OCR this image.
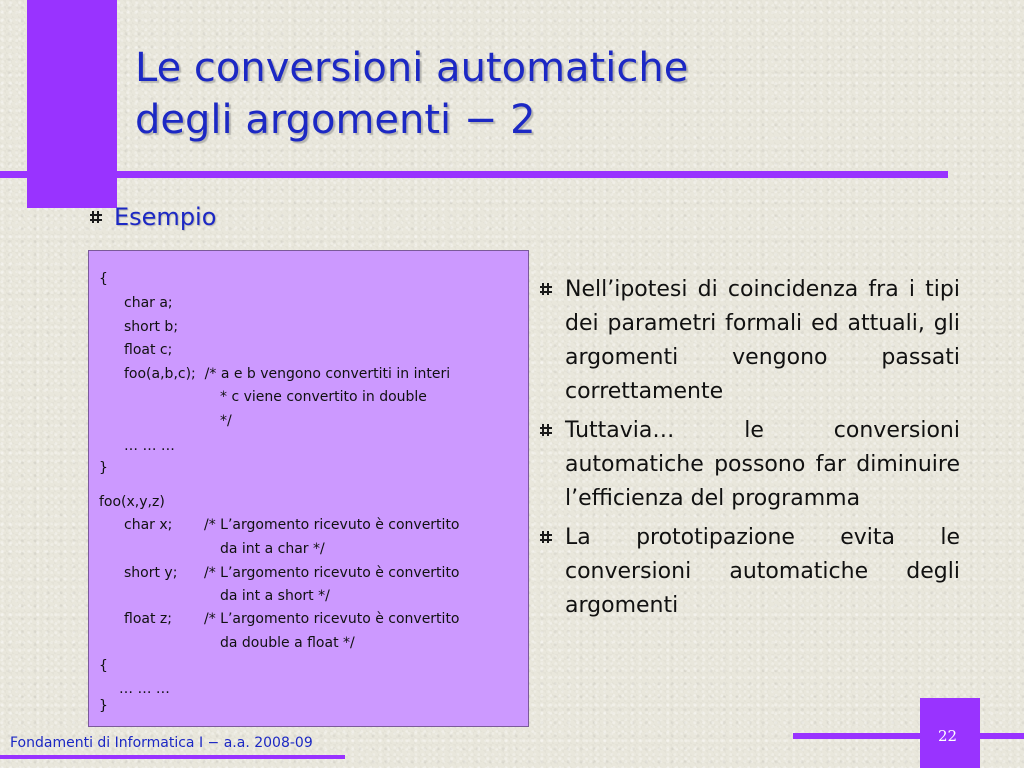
Le conversioni automatiche
degli argomenti − 2
Esempio
{
char a;
short b;
float c;
foo(a,b,c);  /* a e b vengono convertiti in interi
* c viene convertito in double
*/
… … …
}
foo(x,y,z)
char x; /* L’argomento ricevuto è convertito
da int a char */
short y; /* L’argomento ricevuto è convertito
da int a short */
float z; /* L’argomento ricevuto è convertito
da double a float */
{
… … …
}
Nell’ipotesi di coincidenza fra i tipi dei parametri formali ed attuali, gli argomenti vengono passati correttamente
Tuttavia… le conversioni automatiche possono far diminuire l’efficienza del programma
La prototipazione evita le conversioni automatiche degli argomenti
22
Fondamenti di Informatica I − a.a. 2008-09
